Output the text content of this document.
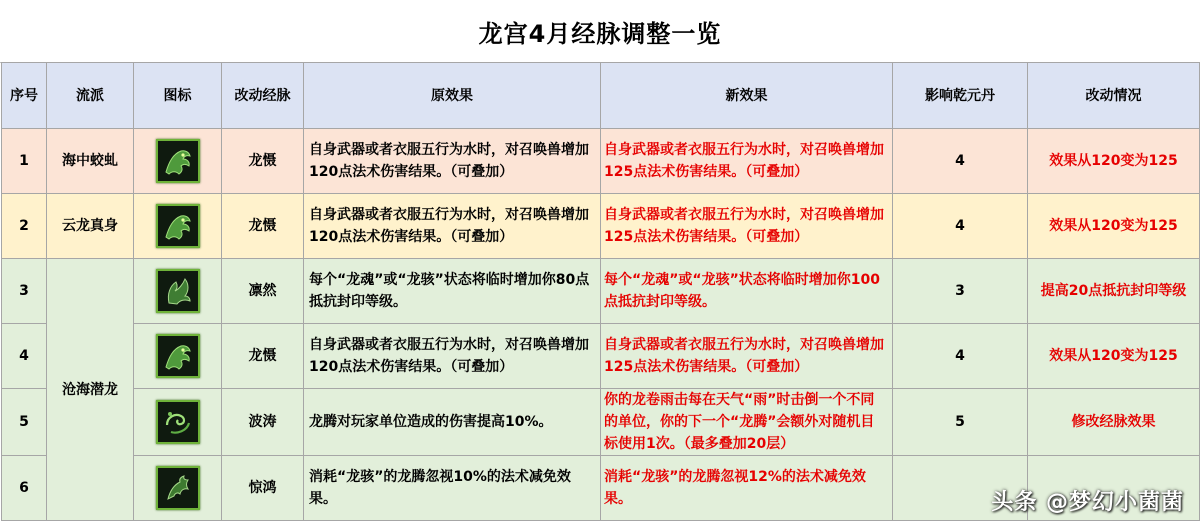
龙宫4月经脉调整一览
序号	流派	图标	改动经脉	原效果	新效果	影响乾元丹	改动情况
1	海中蛟虬		龙慑	自身武器或者衣服五行为水时，对召唤兽增加120点法术伤害结果。（可叠加）	自身武器或者衣服五行为水时，对召唤兽增加125点法术伤害结果。（可叠加）	4	效果从120变为125
2	云龙真身		龙慑	自身武器或者衣服五行为水时，对召唤兽增加120点法术伤害结果。（可叠加）	自身武器或者衣服五行为水时，对召唤兽增加125点法术伤害结果。（可叠加）	4	效果从120变为125
3	沧海潜龙		凛然	每个“龙魂”或“龙骇”状态将临时增加你80点抵抗封印等级。	每个“龙魂”或“龙骇”状态将临时增加你100点抵抗封印等级。	3	提高20点抵抗封印等级
4			龙慑	自身武器或者衣服五行为水时，对召唤兽增加120点法术伤害结果。（可叠加）	自身武器或者衣服五行为水时，对召唤兽增加125点法术伤害结果。（可叠加）	4	效果从120变为125
5			波涛	龙腾对玩家单位造成的伤害提高10%。	你的龙卷雨击每在天气“雨”时击倒一个不同的单位，你的下一个“龙腾”会额外对随机目标使用1次。（最多叠加20层）	5	修改经脉效果
6			惊鸿	消耗“龙骇”的龙腾忽视10%的法术减免效果。	消耗“龙骇”的龙腾忽视12%的法术减免效果。			头条 @梦幻小菌菌
